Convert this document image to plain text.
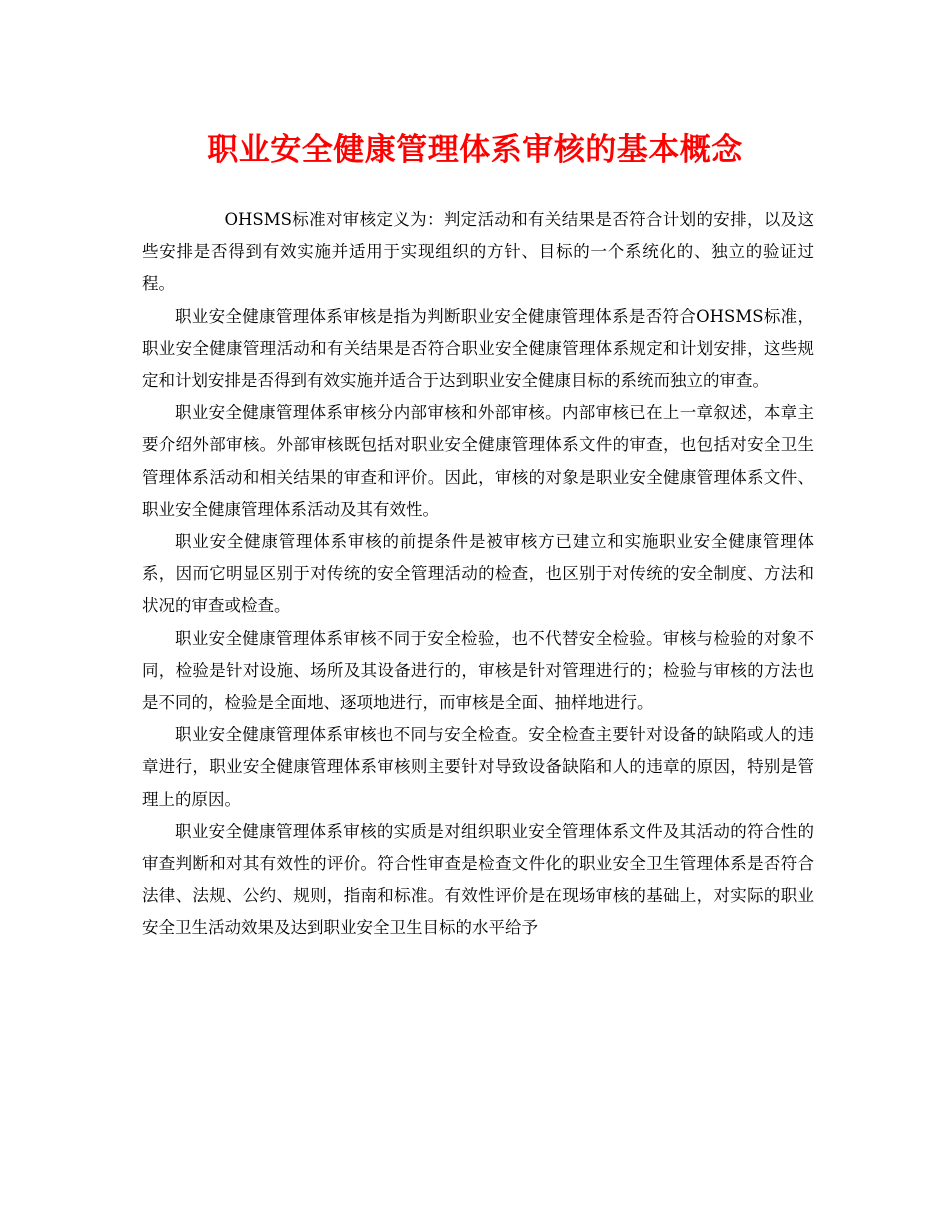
职业安全健康管理体系审核的基本概念

OHSMS标准对审核定义为：判定活动和有关结果是否符合计划的安排，以及这些安排是否得到有效实施并适用于实现组织的方针、目标的一个系统化的、独立的验证过程。

职业安全健康管理体系审核是指为判断职业安全健康管理体系是否符合OHSMS标准，职业安全健康管理活动和有关结果是否符合职业安全健康管理体系规定和计划安排，这些规定和计划安排是否得到有效实施并适合于达到职业安全健康目标的系统而独立的审查。

职业安全健康管理体系审核分内部审核和外部审核。内部审核已在上一章叙述，本章主要介绍外部审核。外部审核既包括对职业安全健康管理体系文件的审查，也包括对安全卫生管理体系活动和相关结果的审查和评价。因此，审核的对象是职业安全健康管理体系文件、职业安全健康管理体系活动及其有效性。

职业安全健康管理体系审核的前提条件是被审核方已建立和实施职业安全健康管理体系，因而它明显区别于对传统的安全管理活动的检查，也区别于对传统的安全制度、方法和状况的审查或检查。

职业安全健康管理体系审核不同于安全检验，也不代替安全检验。审核与检验的对象不同，检验是针对设施、场所及其设备进行的，审核是针对管理进行的；检验与审核的方法也是不同的，检验是全面地、逐项地进行，而审核是全面、抽样地进行。

职业安全健康管理体系审核也不同与安全检查。安全检查主要针对设备的缺陷或人的违章进行，职业安全健康管理体系审核则主要针对导致设备缺陷和人的违章的原因，特别是管理上的原因。

职业安全健康管理体系审核的实质是对组织职业安全管理体系文件及其活动的符合性的审查判断和对其有效性的评价。符合性审查是检查文件化的职业安全卫生管理体系是否符合法律、法规、公约、规则，指南和标准。有效性评价是在现场审核的基础上，对实际的职业安全卫生活动效果及达到职业安全卫生目标的水平给予
